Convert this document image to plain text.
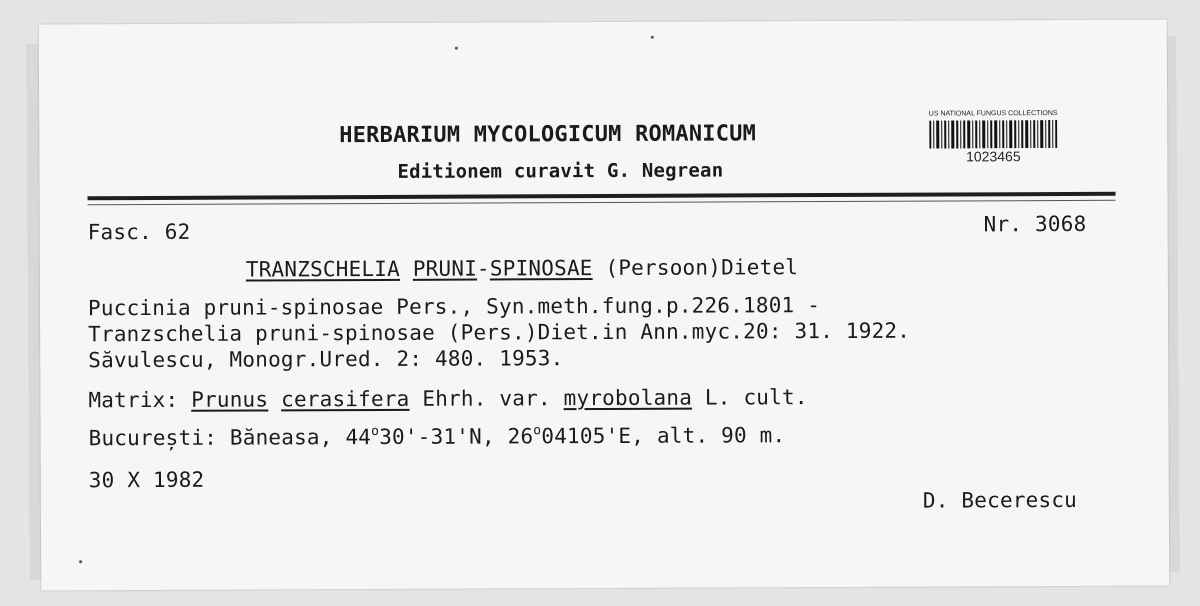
HERBARIUM MYCOLOGICUM ROMANICUM
Editionem curavit G. Negrean
US NATIONAL FUNGUS COLLECTIONS
1023465
Fasc. 62	Nr. 3068
TRANZSCHELIA PRUNI-SPINOSAE (Persoon)Dietel
Puccinia pruni-spinosae Pers., Syn.meth.fung.p.226.1801 -
Tranzschelia pruni-spinosae (Pers.)Diet.in Ann.myc.20: 31. 1922.
Săvulescu, Monogr.Ured. 2: 480. 1953.
Matrix: Prunus cerasifera Ehrh. var. myrobolana L. cult.
București: Băneasa, 44$^o$30'-31'N, 26$^o$04105'E, alt. 90 m.
30 X 1982
D. Becerescu
